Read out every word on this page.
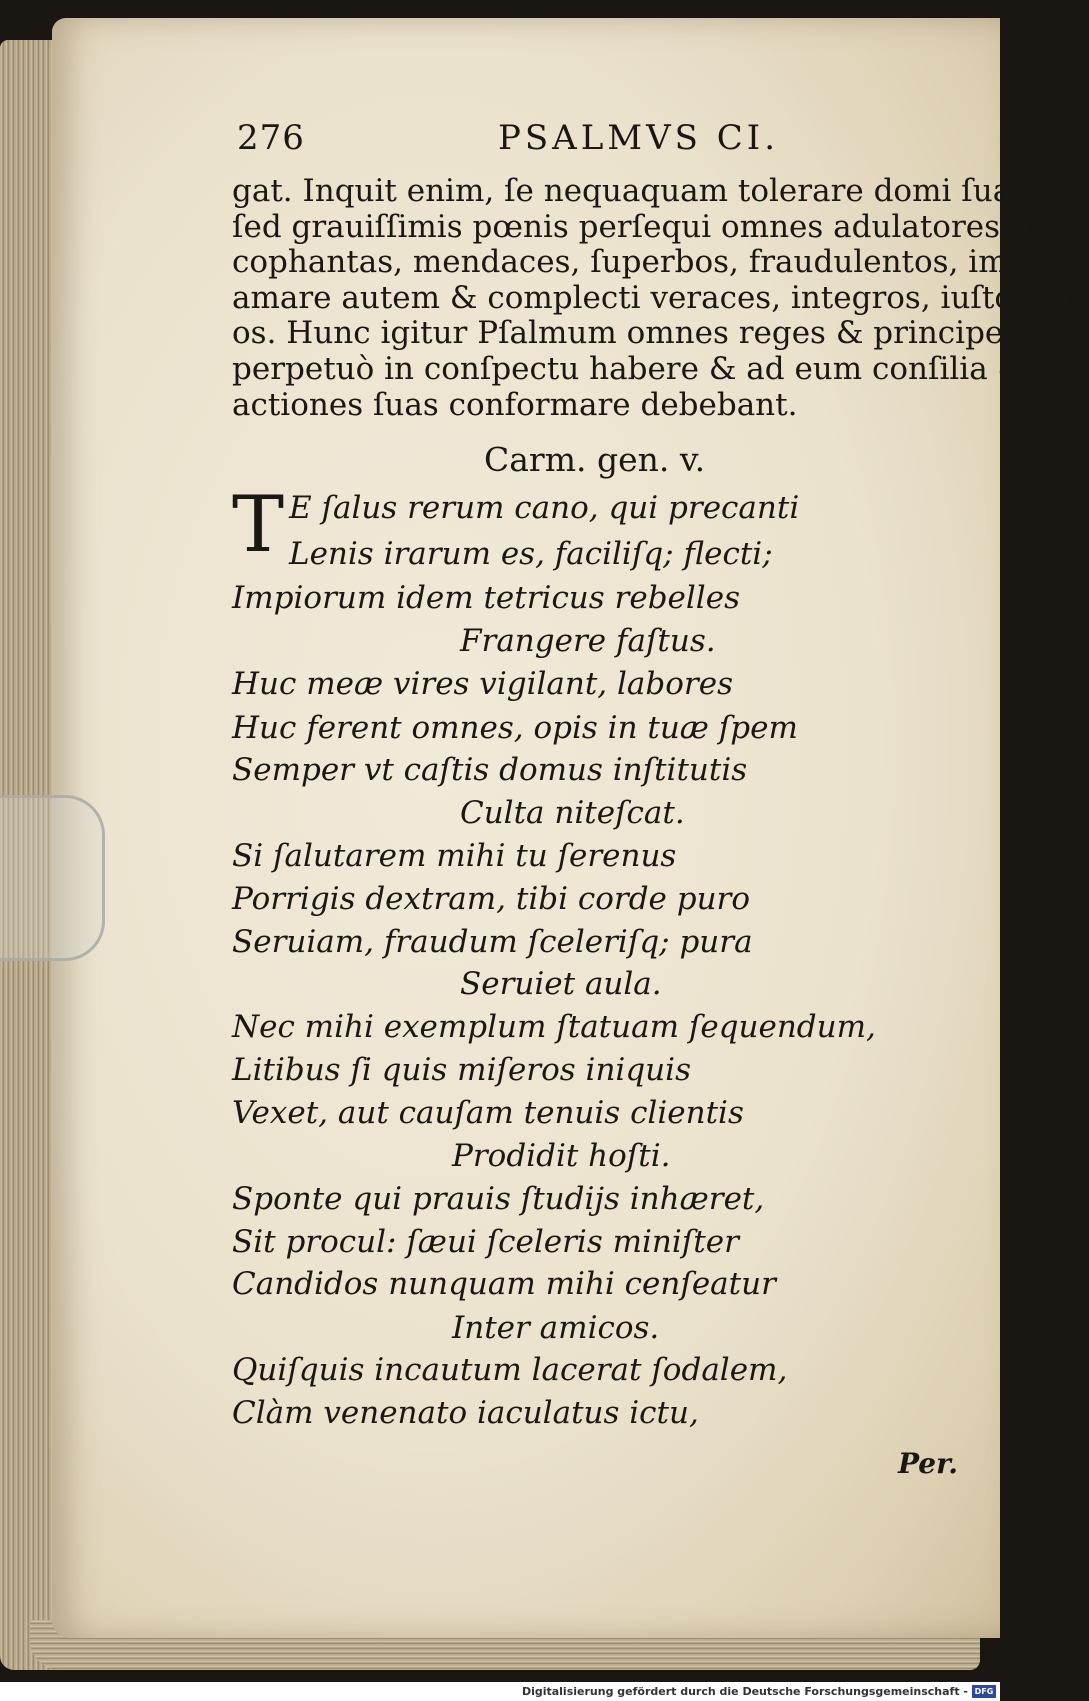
276	PSALMVS CI.
gat. Inquit enim, ſe nequaquam tolerare domi ſuæ,
ſed grauiſſimis pœnis perſequi omnes adulatores, ſy-
cophantas, mendaces, ſuperbos, fraudulentos, impios:
amare autem & complecti veraces, integros, iuſtos, pi-
os. Hunc igitur Pſalmum omnes reges & principes
perpetuò in conſpectu habere & ad eum conſilia &
actiones ſuas conformare debebant.
Carm. gen. v.
T E ſalus rerum cano, qui precanti
Lenis irarum es, faciliſq; flecti;
Impiorum idem tetricus rebelles
Frangere faſtus.
Huc meæ vires vigilant, labores
Huc ferent omnes, opis in tuæ ſpem
Semper vt caſtis domus inſtitutis
Culta niteſcat.
Si ſalutarem mihi tu ſerenus
Porrigis dextram, tibi corde puro
Seruiam, fraudum ſceleriſq; pura
Seruiet aula.
Nec mihi exemplum ſtatuam ſequendum,
Litibus ſi quis miſeros iniquis
Vexet, aut cauſam tenuis clientis
Prodidit hoſti.
Sponte qui prauis ſtudijs inhæret,
Sit procul: ſæui ſceleris miniſter
Candidos nunquam mihi cenſeatur
Inter amicos.
Quiſquis incautum lacerat ſodalem,
Clàm venenato iaculatus ictu,
Per.
Digitalisierung gefördert durch die Deutsche Forschungsgemeinschaft - DFG
